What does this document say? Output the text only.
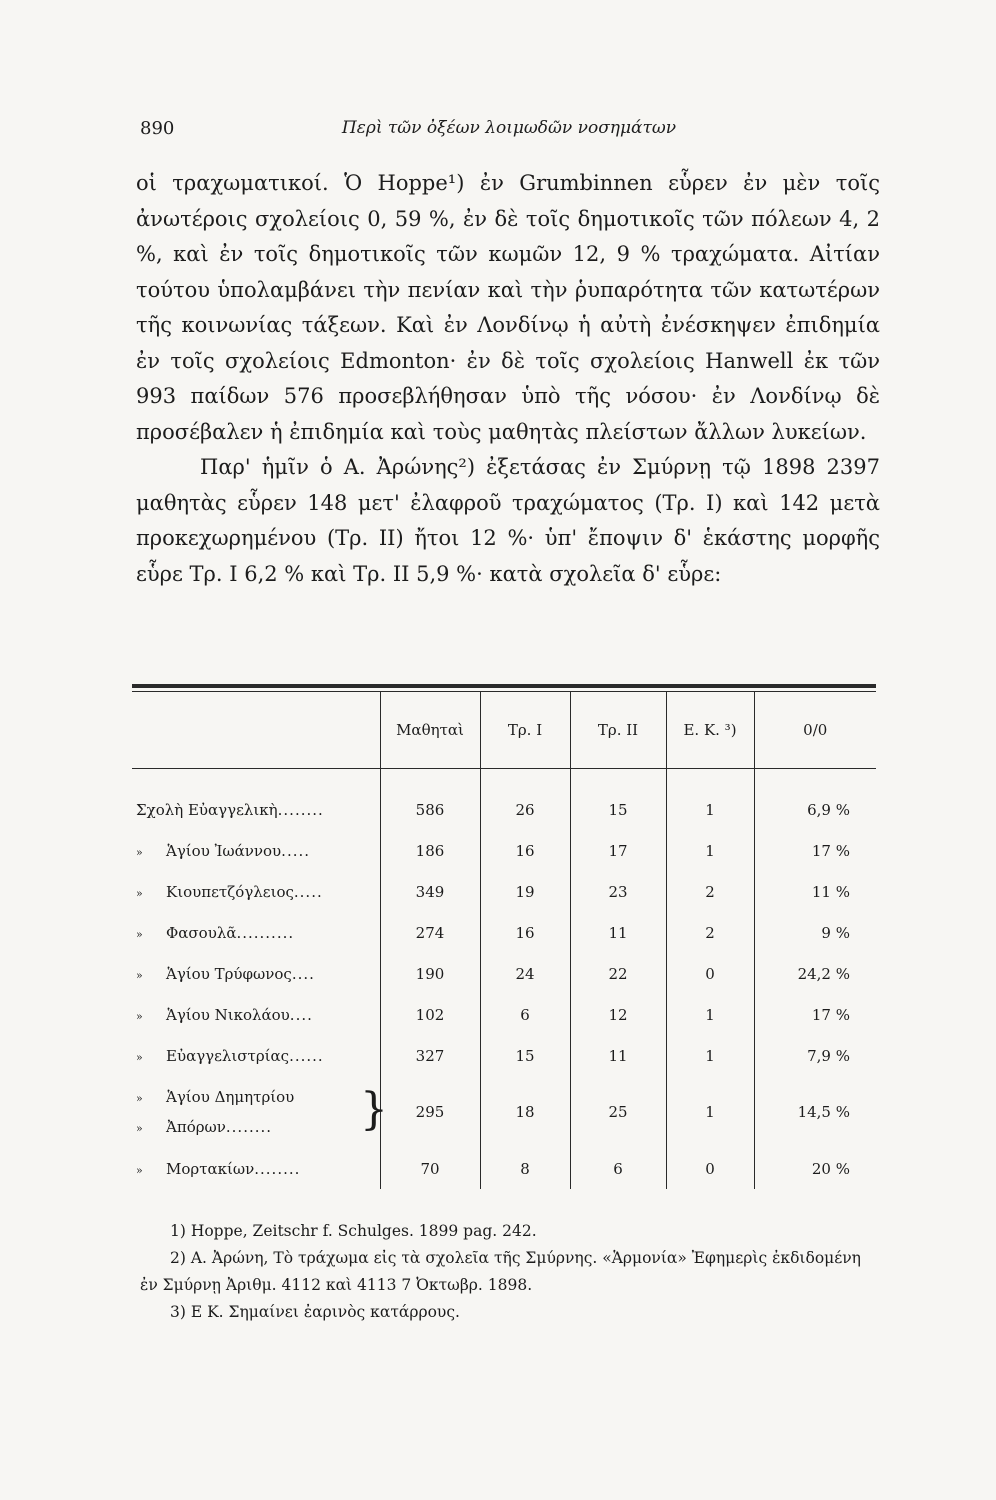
890	Περὶ τῶν ὀξέων λοιμωδῶν νοσημάτων

οἱ τραχωματικοί. Ὁ Hoppe¹) ἐν Grumbinnen εὗρεν ἐν μὲν τοῖς ἀνωτέροις σχολείοις 0, 59 %, ἐν δὲ τοῖς δημοτικοῖς τῶν πόλεων 4, 2 %, καὶ ἐν τοῖς δημοτικοῖς τῶν κωμῶν 12, 9 % τραχώματα. Αἰτίαν τούτου ὑπολαμβάνει τὴν πενίαν καὶ τὴν ῥυπαρότητα τῶν κατωτέρων τῆς κοινωνίας τάξεων. Καὶ ἐν Λονδίνῳ ἡ αὐτὴ ἐνέσκηψεν ἐπιδημία ἐν τοῖς σχολείοις Edmonton· ἐν δὲ τοῖς σχολείοις Hanwell ἐκ τῶν 993 παίδων 576 προσεβλήθησαν ὑπὸ τῆς νόσου· ἐν Λονδίνῳ δὲ προσέβαλεν ἡ ἐπιδημία καὶ τοὺς μαθητὰς πλείστων ἄλλων λυκείων.

Παρ' ἡμῖν ὁ Α. Ἀρώνης²) ἐξετάσας ἐν Σμύρνῃ τῷ 1898 2397 μαθητὰς εὗρεν 148 μετ' ἐλαφροῦ τραχώματος (Τρ. Ι) καὶ 142 μετὰ προκεχωρημένου (Τρ. ΙΙ) ἤτοι 12 %· ὑπ' ἔποψιν δ' ἑκάστης μορφῆς εὗρε Τρ. Ι 6,2 % καὶ Τρ. ΙΙ 5,9 %· κατὰ σχολεῖα δ' εὗρε:

	Μαθηταὶ	Τρ. Ι	Τρ. ΙΙ	Ε. Κ. ³)	0/0
Σχολὴ Εὐαγγελικὴ........	586	26	15	1	6,9 %
» Ἁγίου Ἰωάννου.....	186	16	17	1	17 %
» Κιουπετζόγλειος.....	349	19	23	2	11 %
» Φασουλᾶ..........	274	16	11	2	9 %
» Ἁγίου Τρύφωνος....	190	24	22	0	24,2 %
» Ἁγίου Νικολάου....	102	6	12	1	17 %
» Εὐαγγελιστρίας......	327	15	11	1	7,9 %

» Ἁγίου Δημητρίου
» Ἀπόρων........ }	295	18	25	1	14,5 %
» Μορτακίων........	70	8	6	0	20 %

1) Hoppe, Zeitschr f. Schulges. 1899 pag. 242.

2) Α. Ἀρώνη, Τὸ τράχωμα εἰς τὰ σχολεῖα τῆς Σμύρνης. «Ἁρμονία» Ἐφημερὶς ἐκδιδομένη ἐν Σμύρνῃ Ἀριθμ. 4112 καὶ 4113 7 Ὀκτωβρ. 1898.

3) Ε Κ. Σημαίνει ἐαρινὸς κατάρρους.
